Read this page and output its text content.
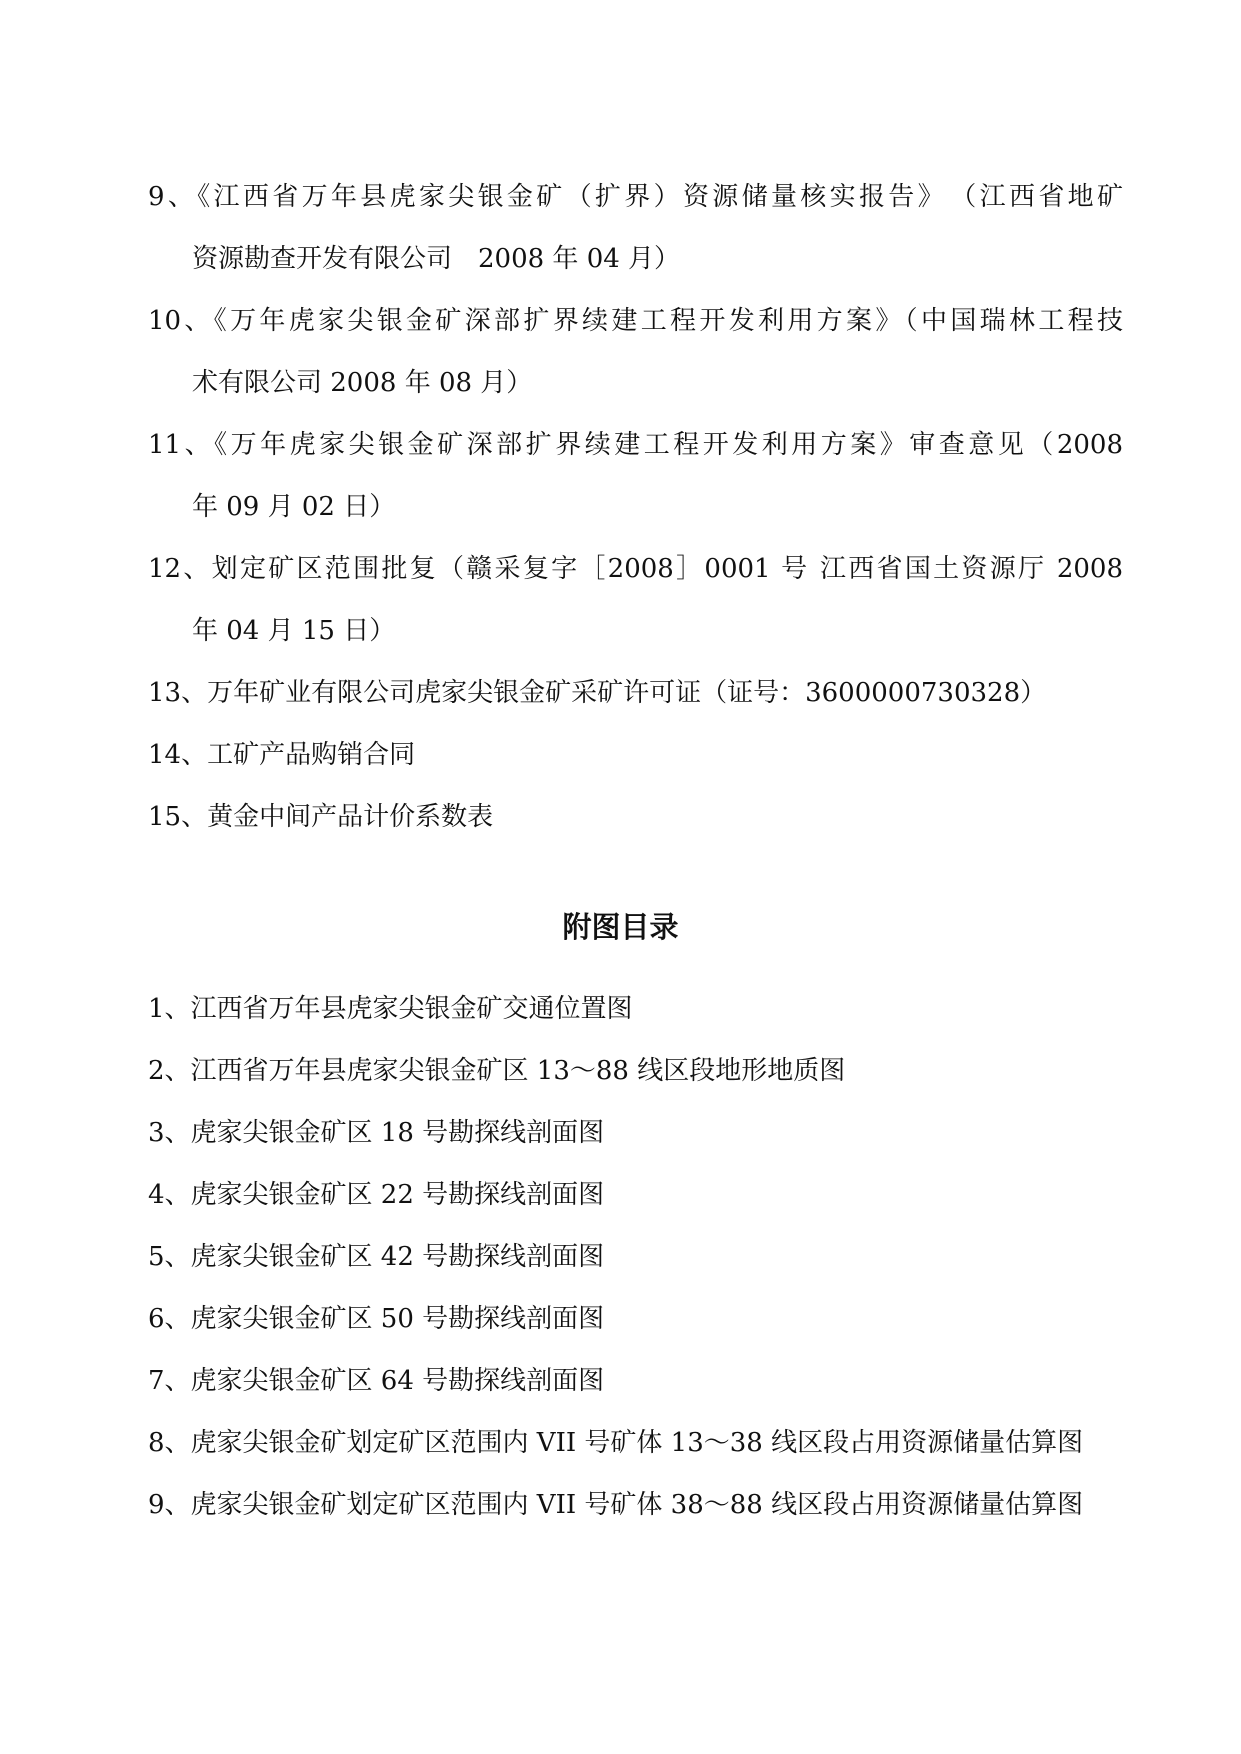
9、《江西省万年县虎家尖银金矿（扩界）资源储量核实报告》　（江西省地矿
资源勘查开发有限公司　2008 年 04 月）
10、《万年虎家尖银金矿深部扩界续建工程开发利用方案》（中国瑞林工程技
术有限公司 2008 年 08 月）
11、《万年虎家尖银金矿深部扩界续建工程开发利用方案》审查意见（2008
年 09 月 02 日）
12、划定矿区范围批复（赣采复字［2008］0001 号 江西省国土资源厅 2008
年 04 月 15 日）
13、万年矿业有限公司虎家尖银金矿采矿许可证（证号：3600000730328）
14、工矿产品购销合同
15、黄金中间产品计价系数表
附图目录
1、江西省万年县虎家尖银金矿交通位置图
2、江西省万年县虎家尖银金矿区 13～88 线区段地形地质图
3、虎家尖银金矿区 18 号勘探线剖面图
4、虎家尖银金矿区 22 号勘探线剖面图
5、虎家尖银金矿区 42 号勘探线剖面图
6、虎家尖银金矿区 50 号勘探线剖面图
7、虎家尖银金矿区 64 号勘探线剖面图
8、虎家尖银金矿划定矿区范围内 VII 号矿体 13～38 线区段占用资源储量估算图
9、虎家尖银金矿划定矿区范围内 VII 号矿体 38～88 线区段占用资源储量估算图
